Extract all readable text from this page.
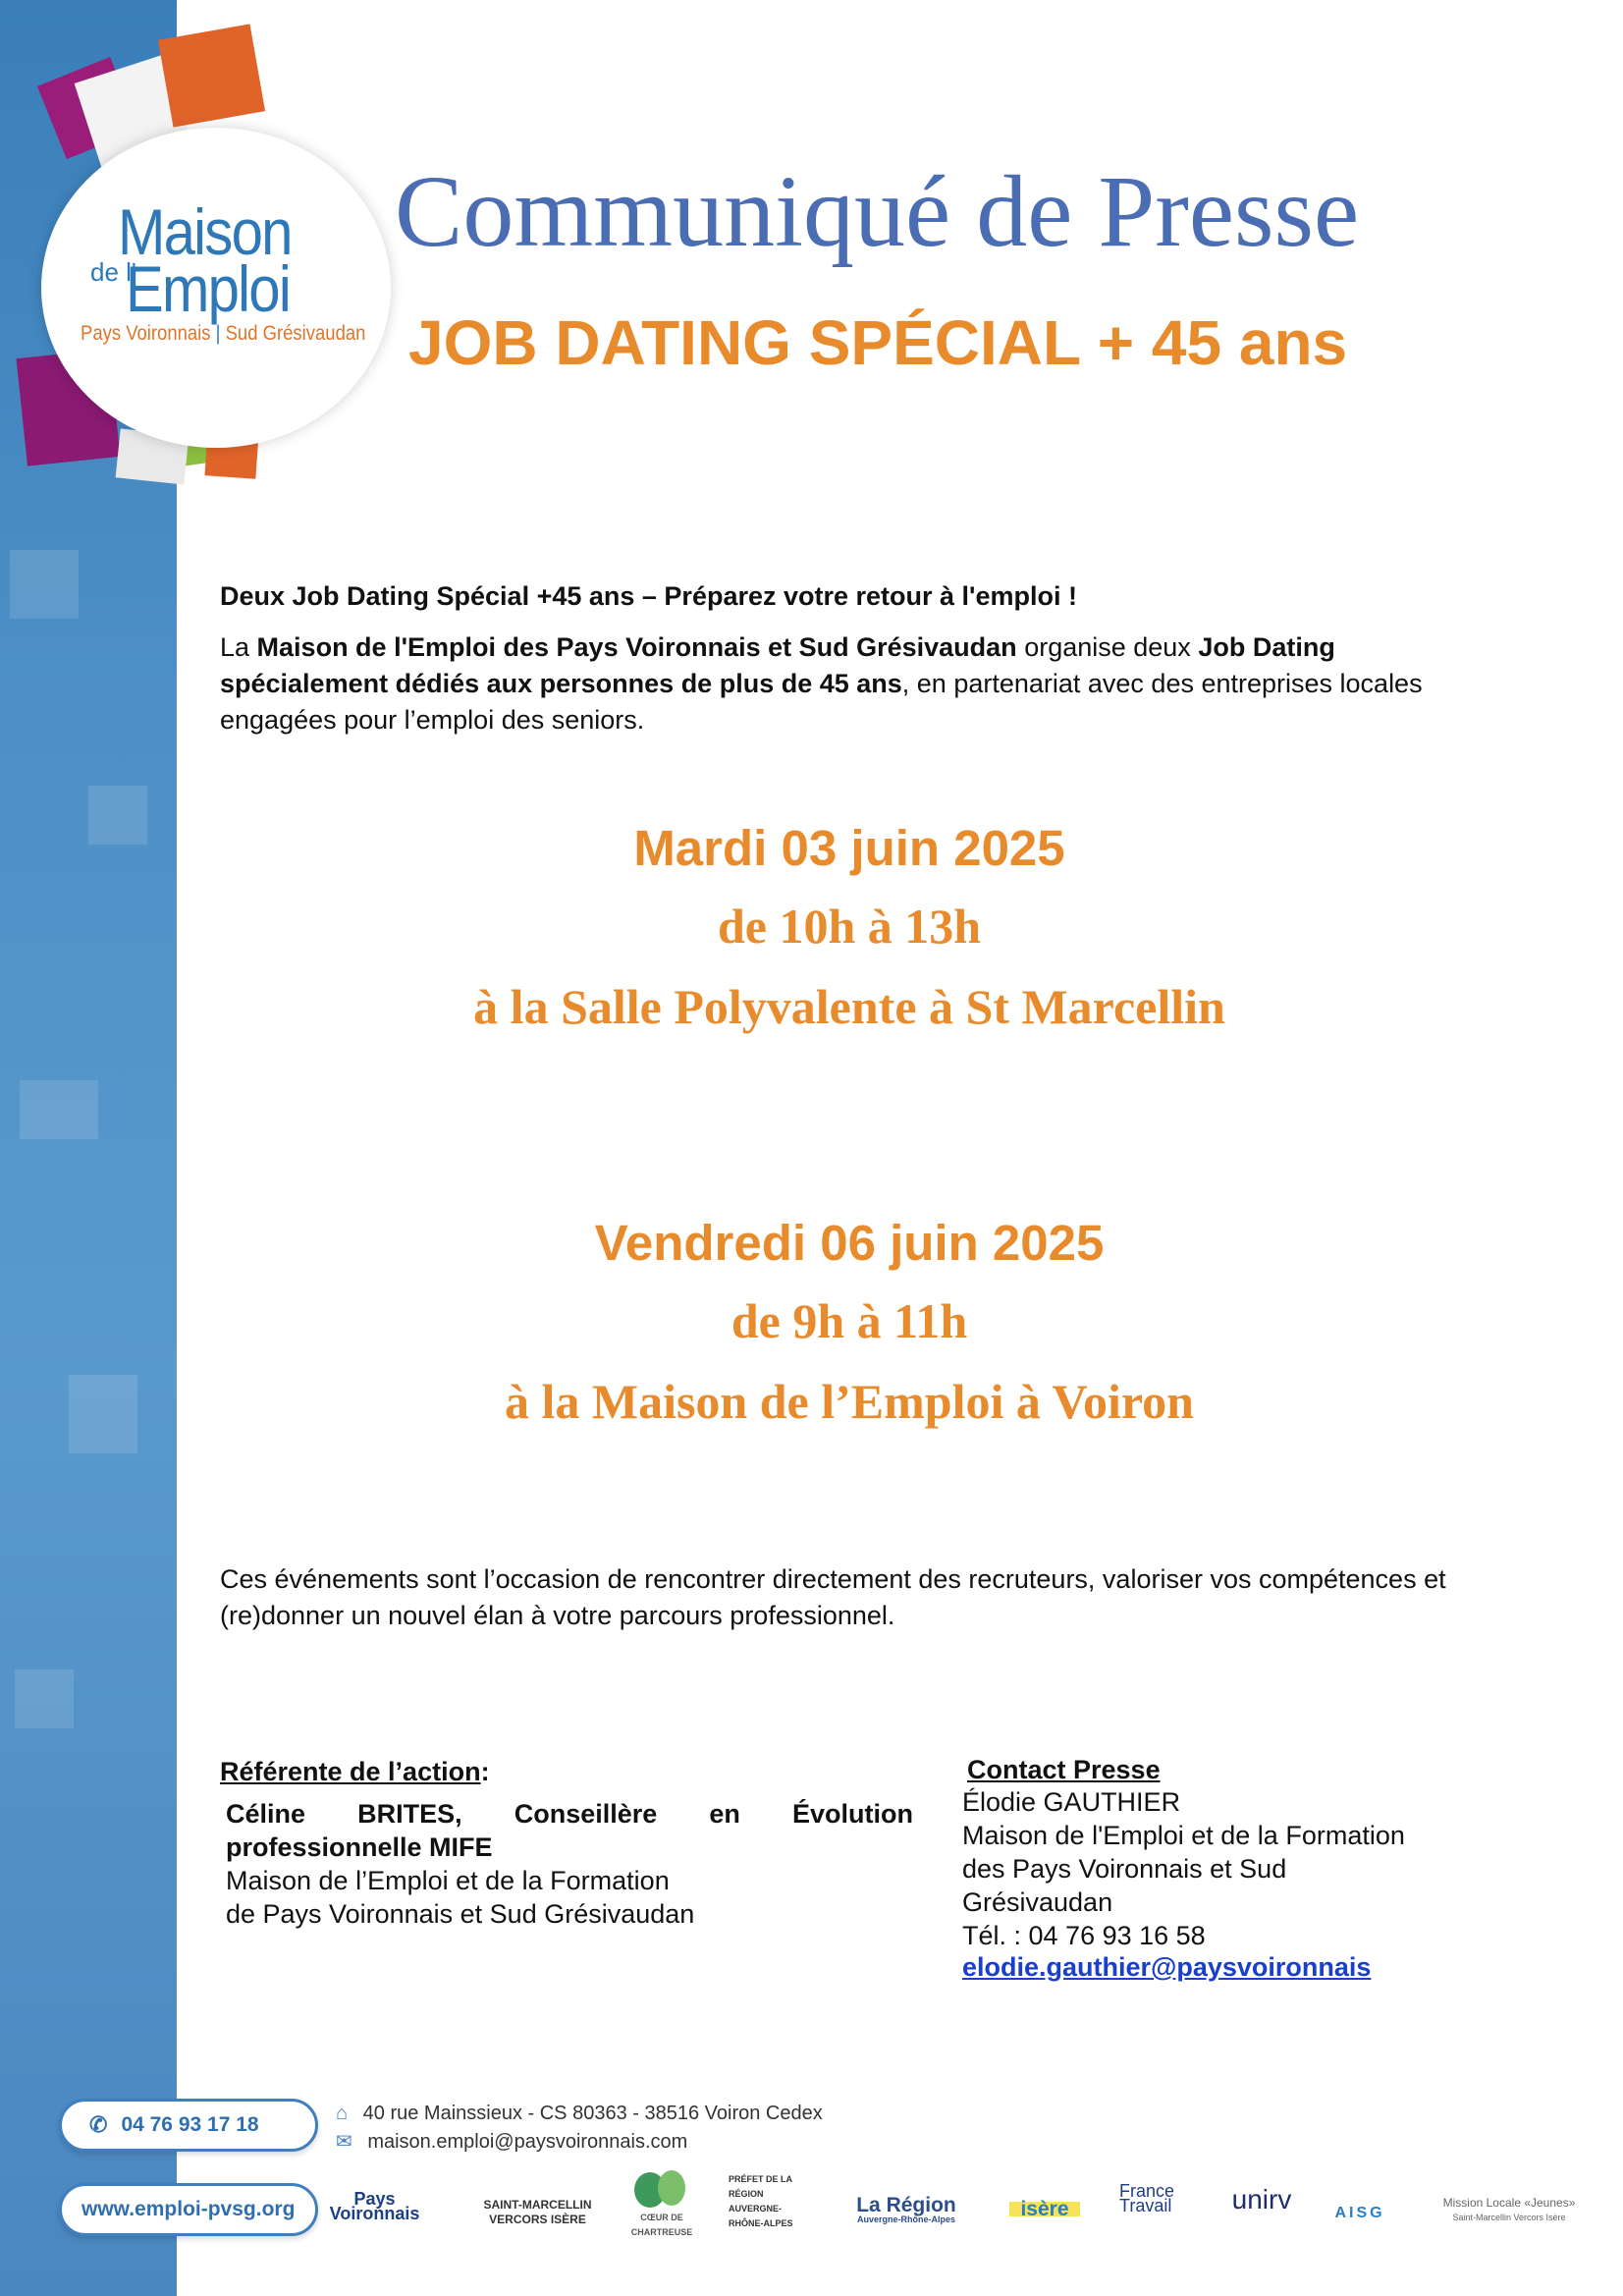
Maison
de l'
Emploi
Pays Voironnais | Sud Grésivaudan
Communiqué de Presse
JOB DATING SPÉCIAL + 45 ans
Deux Job Dating Spécial +45 ans – Préparez votre retour à l'emploi !
La Maison de l'Emploi des Pays Voironnais et Sud Grésivaudan organise deux Job Dating spécialement dédiés aux personnes de plus de 45 ans, en partenariat avec des entreprises locales engagées pour l’emploi des seniors.
Mardi 03 juin 2025
de 10h à 13h
à la Salle Polyvalente à St Marcellin
Vendredi 06 juin 2025
de 9h à 11h
à la Maison de l’Emploi à Voiron
Ces événements sont l’occasion de rencontrer directement des recruteurs, valoriser vos compétences et (re)donner un nouvel élan à votre parcours professionnel.
Référente de l’action:
Céline BRITES, Conseillère en Évolution professionnelle MIFE
Maison de l’Emploi et de la Formation
de Pays Voironnais et Sud Grésivaudan
Contact Presse
Élodie GAUTHIER
Maison de l'Emploi et de la Formation
des Pays Voironnais et Sud
Grésivaudan
Tél. : 04 76 93 16 58
elodie.gauthier@paysvoironnais
✆ 04 76 93 17 18
www.emploi-pvsg.org
⌂ 40 rue Mainssieux - CS 80363 - 38516 Voiron Cedex
✉ maison.emploi@paysvoironnais.com
Pays Voironnais	SAINT-MARCELLIN VERCORS ISÈRE	CŒUR DE CHARTREUSE
PRÉFET DE LA RÉGION AUVERGNE-RHÔNE-ALPES
La Région
Auvergne-Rhône-Alpes	isère
France
Travail	unirv	AISG
Mission Locale «Jeunes»
Saint-Marcellin Vercors Isère
